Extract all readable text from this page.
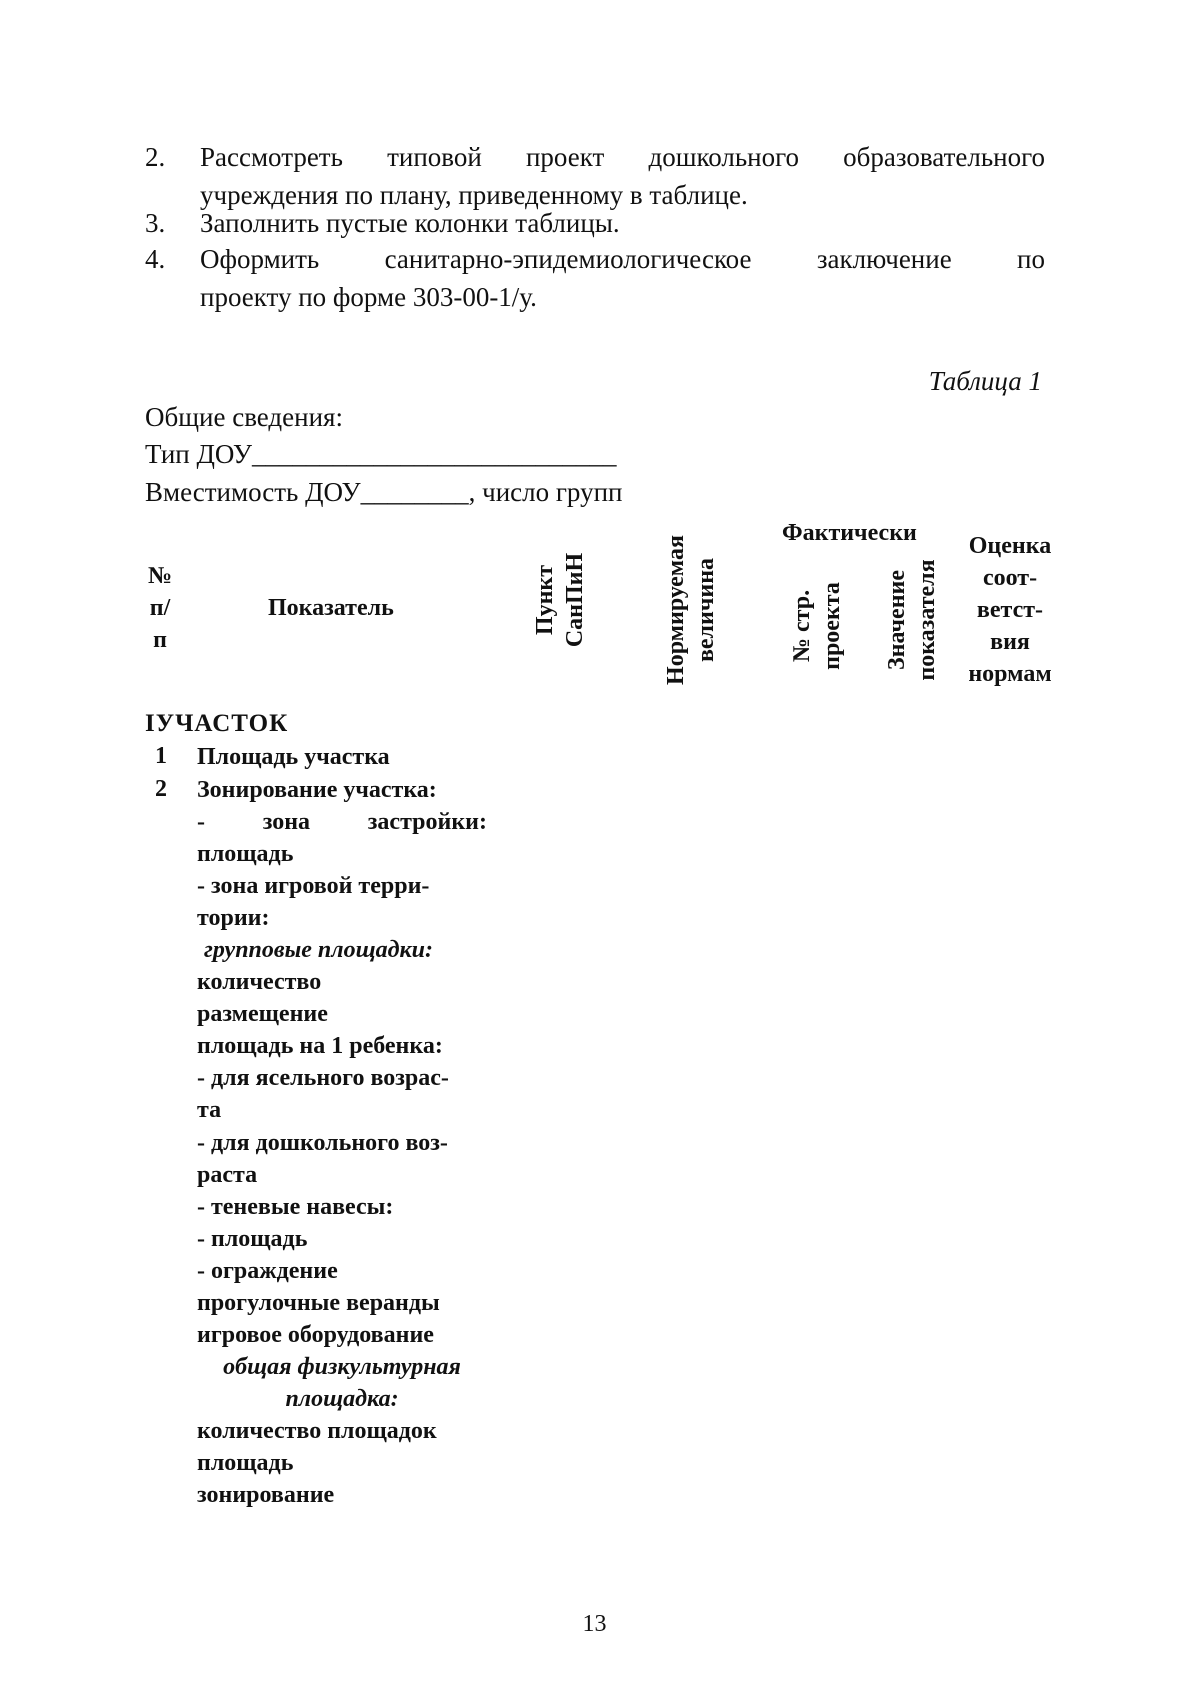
2. Рассмотреть типовой проект дошкольного образовательного
учреждения по плану, приведенному в таблице.
3. Заполнить пустые колонки таблицы.
4. Оформить санитарно-эпидемиологическое заключение по
проекту по форме 303-00-1/у.
Таблица 1
Общие сведения:
Тип ДОУ___________________________
Вместимость ДОУ________, число групп
№
п/
п
Показатель	Пункт СанПиН	Нормируемая величина
Фактически
№ стр. проекта Значение показателя
Оценка
соот-
ветст-
вия
нормам
IУЧАСТОК
1 Площадь участка
2 Зонирование участка:
- зона застройки:
площадь
- зона игровой терри-
тории:
групповые площадки:
количество
размещение
площадь на 1 ребенка:
- для ясельного возрас-
та
- для дошкольного воз-
раста
- теневые навесы:
- площадь
- ограждение
прогулочные веранды
игровое оборудование
общая физкультурная
площадка:
количество площадок
площадь
зонирование
13
